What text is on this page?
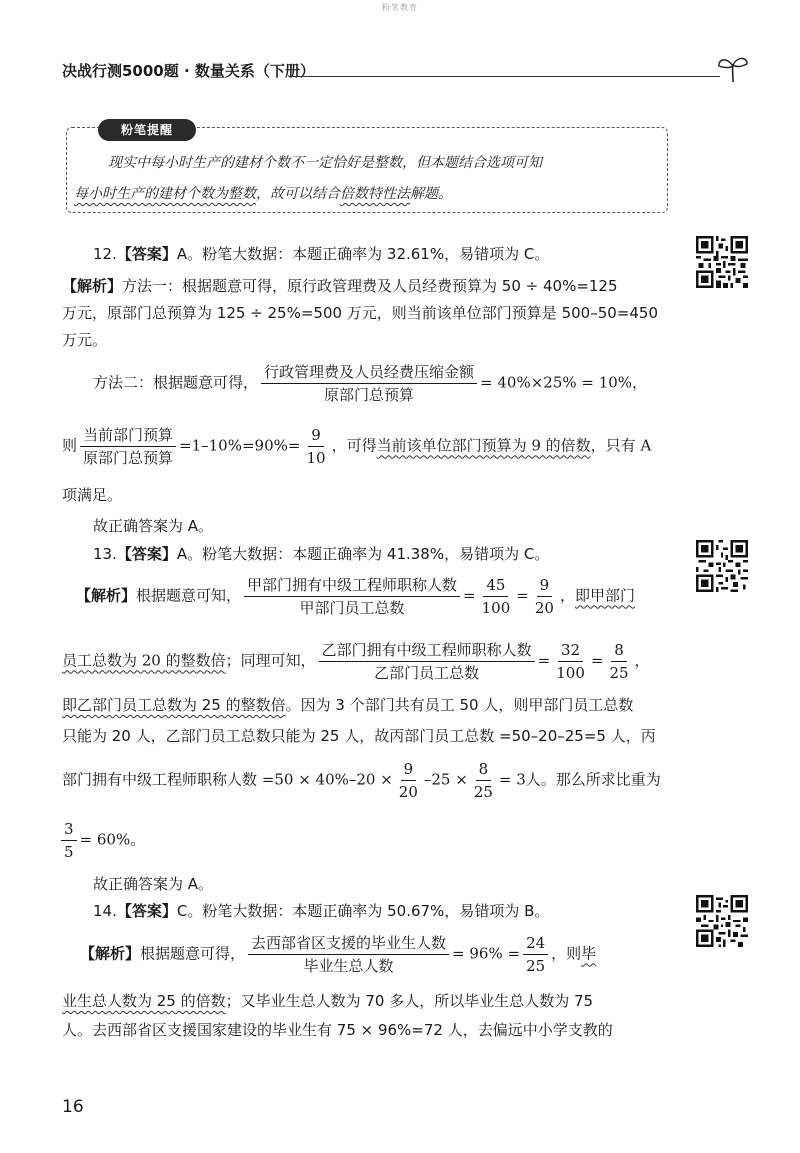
粉笔教育
决战行测5000题 · 数量关系（下册）
粉笔提醒
现实中每小时生产的建材个数不一定恰好是整数，但本题结合选项可知
每小时生产的建材个数为整数，故可以结合倍数特性法解题。
12.【答案】A。粉笔大数据：本题正确率为 32.61%，易错项为 C。
【解析】方法一：根据题意可得，原行政管理费及人员经费预算为 50 ÷ 40%=125
万元，原部门总预算为 125 ÷ 25%=500 万元，则当前该单位部门预算是 500–50=450
万元。
方法二：根据题意可得， $\frac{\text{行政管理费及人员经费压缩金额}}{\text{原部门总预算}} = 40\%\times 25\% = 10\%$，
则 $\frac{\text{当前部门预算}}{\text{原部门总预算}} =1-10\%=90\%= \frac{9}{10}$ ，可得当前该单位部门预算为 9 的倍数，只有 A
项满足。
故正确答案为 A。
13.【答案】A。粉笔大数据：本题正确率为 41.38%，易错项为 C。
【解析】根据题意可知， $\frac{\text{甲部门拥有中级工程师职称人数}}{\text{甲部门员工总数}} = \frac{45}{100} = \frac{9}{20}$ ，即甲部门
员工总数为 20 的整数倍；同理可知， $\frac{\text{乙部门拥有中级工程师职称人数}}{\text{乙部门员工总数}} = \frac{32}{100} = \frac{8}{25}$ ，
即乙部门员工总数为 25 的整数倍。因为 3 个部门共有员工 50 人，则甲部门员工总数
只能为 20 人，乙部门员工总数只能为 25 人，故丙部门员工总数 =50–20–25=5 人，丙
部门拥有中级工程师职称人数 $=50 \times 40\%-20 \times \frac{9}{20} -25 \times \frac{8}{25} = 3$人。那么所求比重为
$\frac{3}{5} = 60\%$。
故正确答案为 A。
14.【答案】C。粉笔大数据：本题正确率为 50.67%，易错项为 B。
【解析】根据题意可得， $\frac{\text{去西部省区支援的毕业生人数}}{\text{毕业生总人数}} = 96\% = \frac{24}{25}$ ，则毕
业生总人数为 25 的倍数；又毕业生总人数为 70 多人，所以毕业生总人数为 75
人。去西部省区支援国家建设的毕业生有 75 × 96%=72 人，去偏远中小学支教的
16
